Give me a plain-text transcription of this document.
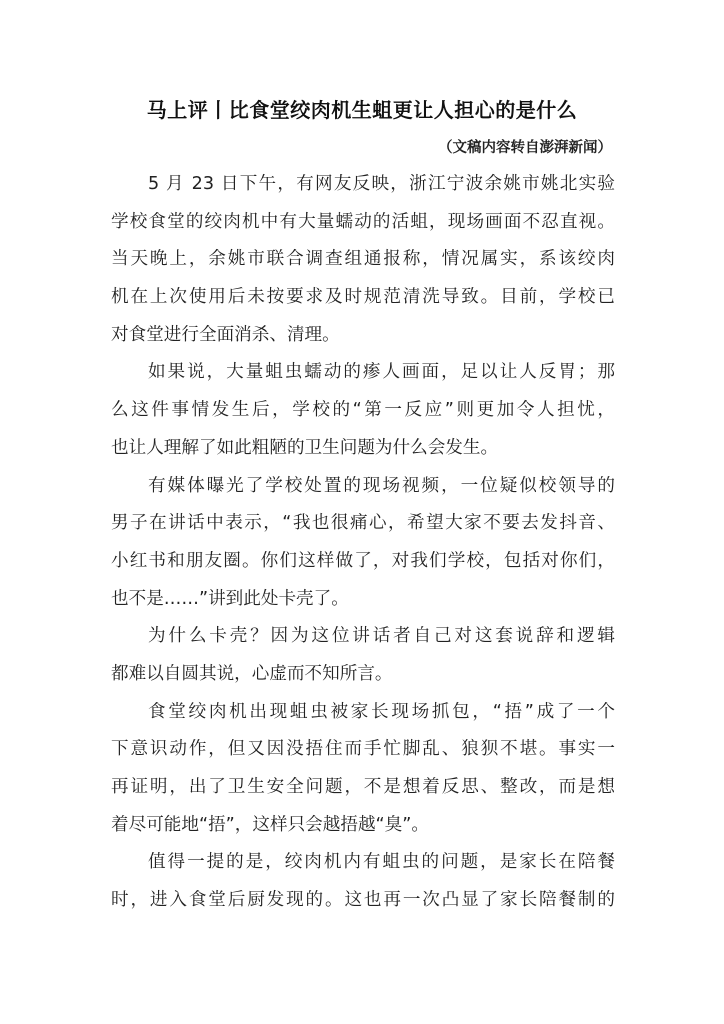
马上评丨比食堂绞肉机生蛆更让人担心的是什么
（文稿内容转自澎湃新闻）
5 月 23 日下午，有网友反映，浙江宁波余姚市姚北实验
学校食堂的绞肉机中有大量蠕动的活蛆，现场画面不忍直视。
当天晚上，余姚市联合调查组通报称，情况属实，系该绞肉
机在上次使用后未按要求及时规范清洗导致。目前，学校已
对食堂进行全面消杀、清理。
如果说，大量蛆虫蠕动的瘆人画面，足以让人反胃；那
么这件事情发生后，学校的“第一反应”则更加令人担忧，
也让人理解了如此粗陋的卫生问题为什么会发生。
有媒体曝光了学校处置的现场视频，一位疑似校领导的
男子在讲话中表示，“我也很痛心，希望大家不要去发抖音、
小红书和朋友圈。你们这样做了，对我们学校，包括对你们，
也不是……”讲到此处卡壳了。
为什么卡壳？因为这位讲话者自己对这套说辞和逻辑
都难以自圆其说，心虚而不知所言。
食堂绞肉机出现蛆虫被家长现场抓包，“捂”成了一个
下意识动作，但又因没捂住而手忙脚乱、狼狈不堪。事实一
再证明，出了卫生安全问题，不是想着反思、整改，而是想
着尽可能地“捂”，这样只会越捂越“臭”。
值得一提的是，绞肉机内有蛆虫的问题，是家长在陪餐
时，进入食堂后厨发现的。这也再一次凸显了家长陪餐制的
